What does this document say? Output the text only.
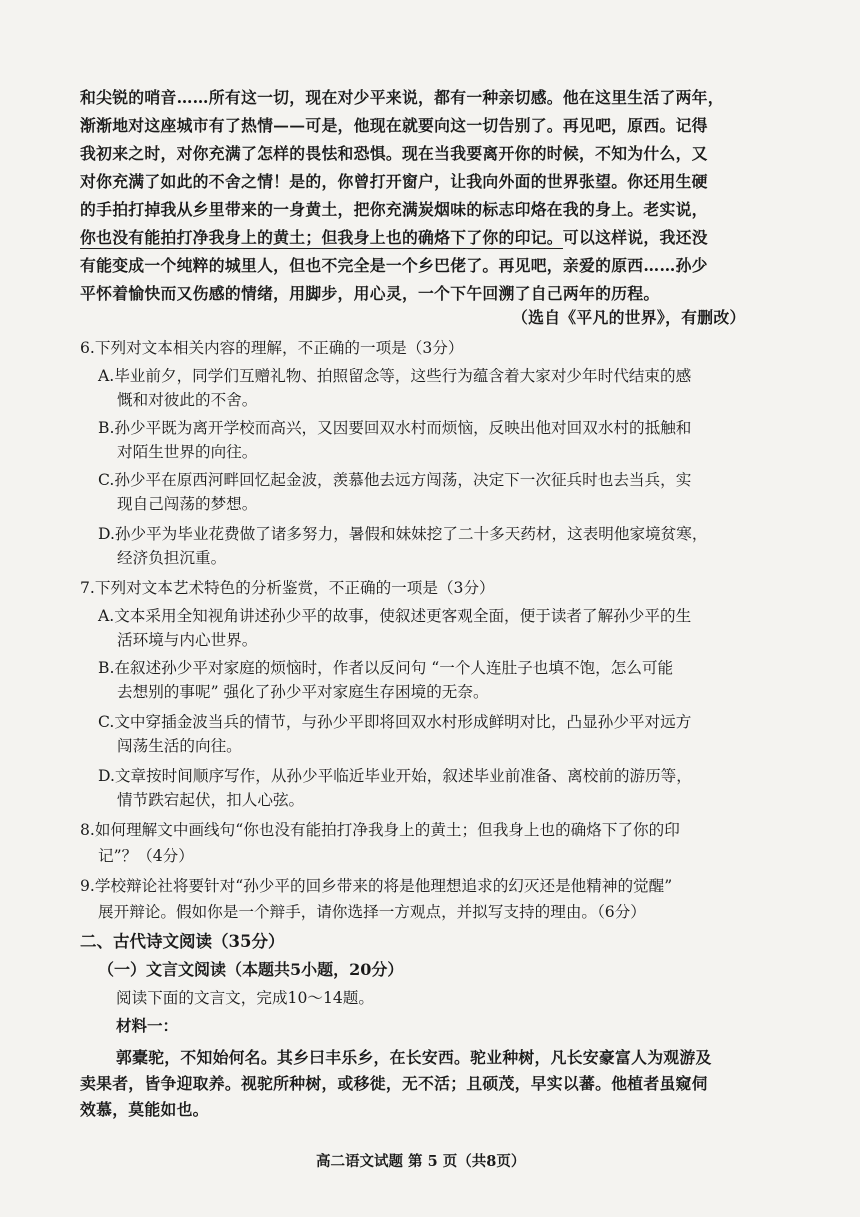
和尖锐的哨音……所有这一切，现在对少平来说，都有一种亲切感。他在这里生活了两年，

渐渐地对这座城市有了热情——可是，他现在就要向这一切告别了。再见吧，原西。记得

我初来之时，对你充满了怎样的畏怯和恐惧。现在当我要离开你的时候，不知为什么，又

对你充满了如此的不舍之情！是的，你曾打开窗户，让我向外面的世界张望。你还用生硬

的手拍打掉我从乡里带来的一身黄土，把你充满炭烟味的标志印烙在我的身上。老实说，

你也没有能拍打净我身上的黄土；但我身上也的确烙下了你的印记。可以这样说，我还没

有能变成一个纯粹的城里人，但也不完全是一个乡巴佬了。再见吧，亲爱的原西……孙少

平怀着愉快而又伤感的情绪，用脚步，用心灵，一个下午回溯了自己两年的历程。

（选自《平凡的世界》，有删改）

6.下列对文本相关内容的理解，不正确的一项是（3分）

A.毕业前夕，同学们互赠礼物、拍照留念等，这些行为蕴含着大家对少年时代结束的感

慨和对彼此的不舍。

B.孙少平既为离开学校而高兴，又因要回双水村而烦恼，反映出他对回双水村的抵触和

对陌生世界的向往。

C.孙少平在原西河畔回忆起金波，羡慕他去远方闯荡，决定下一次征兵时也去当兵，实

现自己闯荡的梦想。

D.孙少平为毕业花费做了诸多努力，暑假和妹妹挖了二十多天药材，这表明他家境贫寒，

经济负担沉重。

7.下列对文本艺术特色的分析鉴赏，不正确的一项是（3分）

A.文本采用全知视角讲述孙少平的故事，使叙述更客观全面，便于读者了解孙少平的生

活环境与内心世界。

B.在叙述孙少平对家庭的烦恼时，作者以反问句 “一个人连肚子也填不饱，怎么可能

去想别的事呢” 强化了孙少平对家庭生存困境的无奈。

C.文中穿插金波当兵的情节，与孙少平即将回双水村形成鲜明对比，凸显孙少平对远方

闯荡生活的向往。

D.文章按时间顺序写作，从孙少平临近毕业开始，叙述毕业前准备、离校前的游历等，

情节跌宕起伏，扣人心弦。

8.如何理解文中画线句“你也没有能拍打净我身上的黄土；但我身上也的确烙下了你的印

记”？（4分）

9.学校辩论社将要针对“孙少平的回乡带来的将是他理想追求的幻灭还是他精神的觉醒”

展开辩论。假如你是一个辩手，请你选择一方观点，并拟写支持的理由。（6分）

二、古代诗文阅读（35分）

（一）文言文阅读（本题共5小题，20分）

阅读下面的文言文，完成10～14题。

材料一：

郭橐驼，不知始何名。其乡曰丰乐乡，在长安西。驼业种树，凡长安豪富人为观游及

卖果者，皆争迎取养。视驼所种树，或移徙，无不活；且硕茂，早实以蕃。他植者虽窥伺

效慕，莫能如也。

高二语文试题 第 5 页（共8页）
